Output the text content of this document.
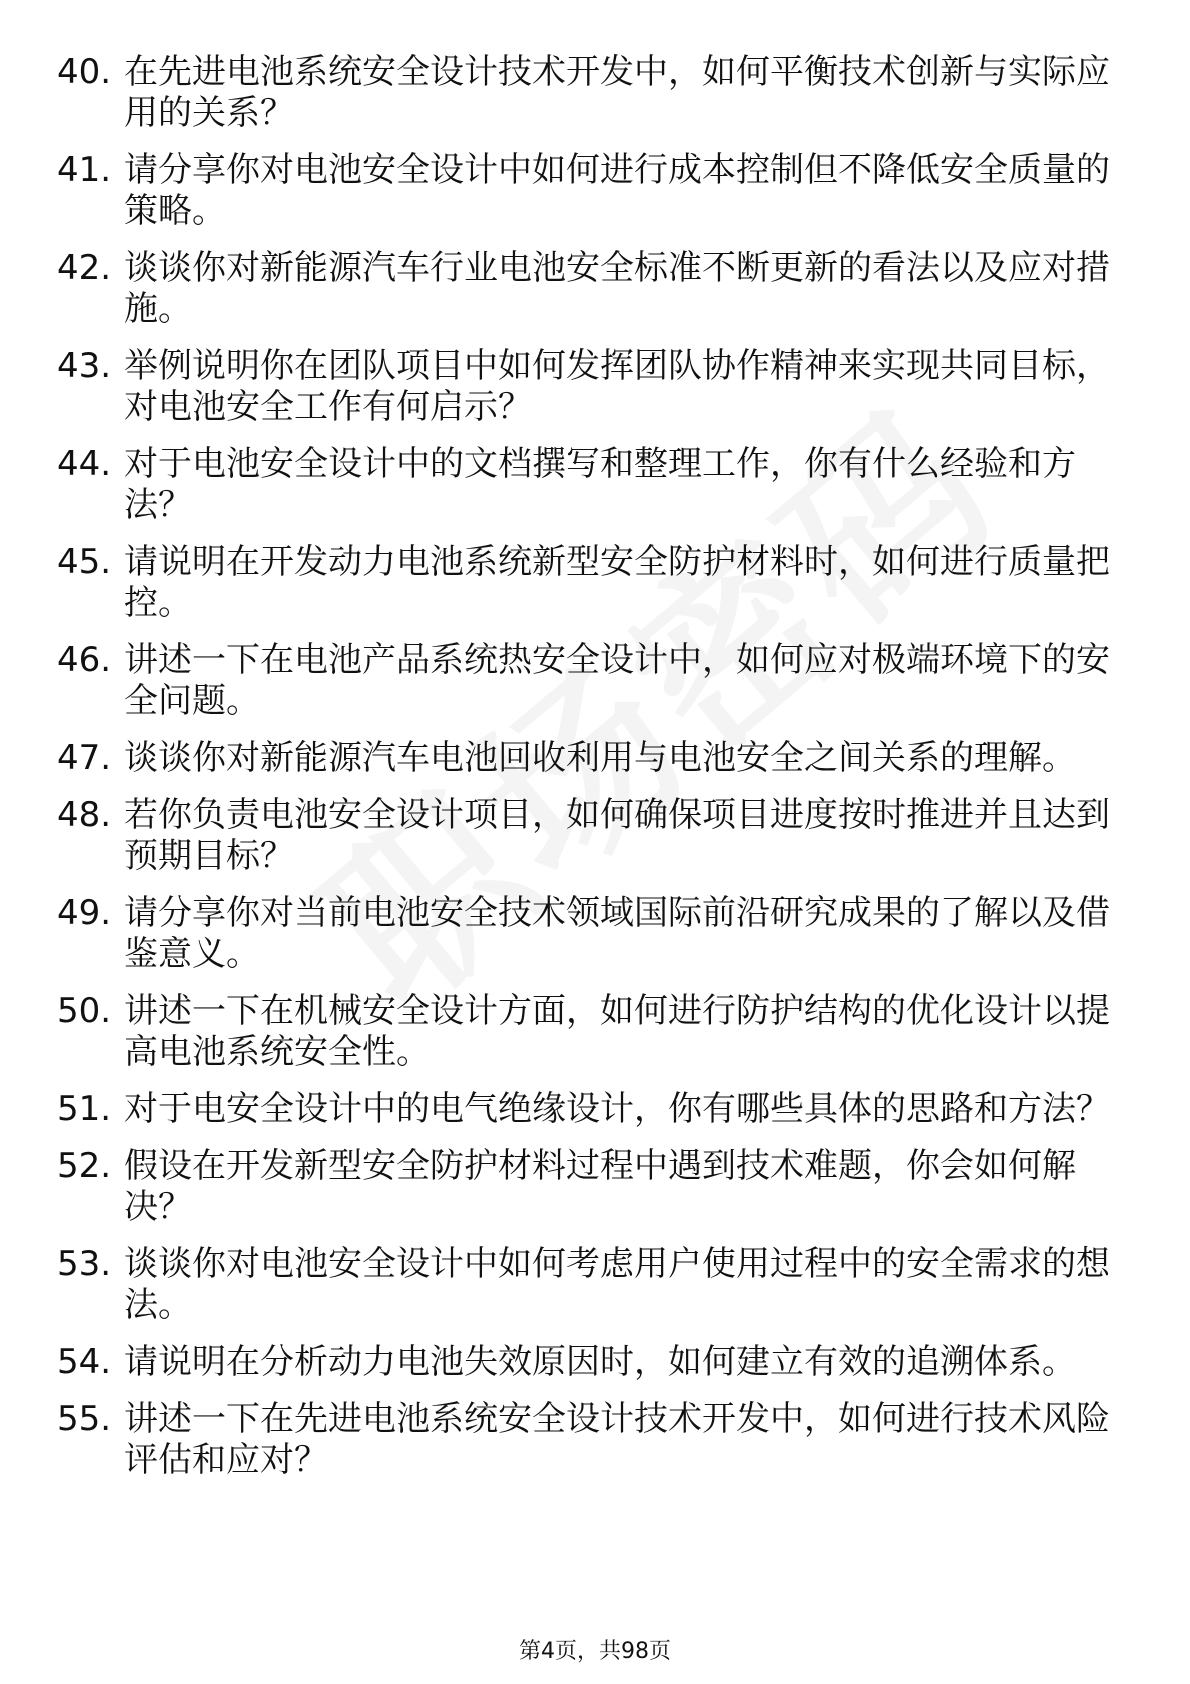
40. 在先进电池系统安全设计技术开发中，如何平衡技术创新与实际应用的关系？
41. 请分享你对电池安全设计中如何进行成本控制但不降低安全质量的策略。
42. 谈谈你对新能源汽车行业电池安全标准不断更新的看法以及应对措施。
43. 举例说明你在团队项目中如何发挥团队协作精神来实现共同目标，对电池安全工作有何启示？
44. 对于电池安全设计中的文档撰写和整理工作，你有什么经验和方法？
45. 请说明在开发动力电池系统新型安全防护材料时，如何进行质量把控。
46. 讲述一下在电池产品系统热安全设计中，如何应对极端环境下的安全问题。
47. 谈谈你对新能源汽车电池回收利用与电池安全之间关系的理解。
48. 若你负责电池安全设计项目，如何确保项目进度按时推进并且达到预期目标？
49. 请分享你对当前电池安全技术领域国际前沿研究成果的了解以及借鉴意义。
50. 讲述一下在机械安全设计方面，如何进行防护结构的优化设计以提高电池系统安全性。
51. 对于电安全设计中的电气绝缘设计，你有哪些具体的思路和方法？
52. 假设在开发新型安全防护材料过程中遇到技术难题，你会如何解决？
53. 谈谈你对电池安全设计中如何考虑用户使用过程中的安全需求的想法。
54. 请说明在分析动力电池失效原因时，如何建立有效的追溯体系。
55. 讲述一下在先进电池系统安全设计技术开发中，如何进行技术风险评估和应对？
第4页，共98页
